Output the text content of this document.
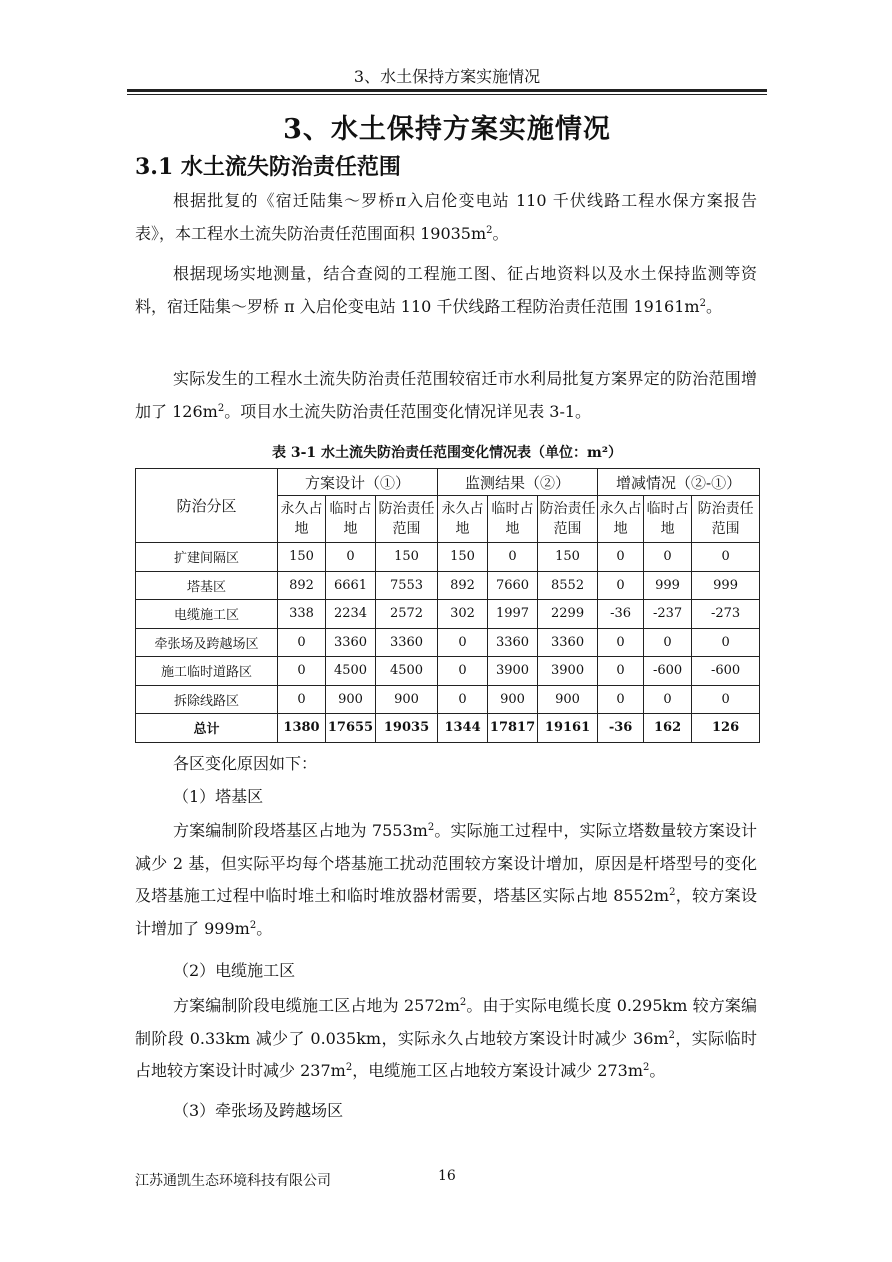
3、水土保持方案实施情况
3、水土保持方案实施情况
3.1 水土流失防治责任范围
根据批复的《宿迁陆集～罗桥π入启伦变电站 110 千伏线路工程水保方案报告表》，本工程水土流失防治责任范围面积 $19035m^2$。
根据现场实地测量，结合查阅的工程施工图、征占地资料以及水土保持监测等资料，宿迁陆集～罗桥 π 入启伦变电站 110 千伏线路工程防治责任范围 $19161m^2$。
实际发生的工程水土流失防治责任范围较宿迁市水利局批复方案界定的防治范围增加了 $126m^2$。项目水土流失防治责任范围变化情况详见表 3-1。
表 3-1 水土流失防治责任范围变化情况表（单位：m²）
防治分区	方案设计（①）			监测结果（②）			增减情况（②-①）		
	永久占地	临时占地	防治责任范围	永久占地	临时占地	防治责任范围	永久占地	临时占地	防治责任范围
扩建间隔区	150	0	150	150	0	150	0	0	0
塔基区	892	6661	7553	892	7660	8552	0	999	999
电缆施工区	338	2234	2572	302	1997	2299	-36	-237	-273
牵张场及跨越场区	0	3360	3360	0	3360	3360	0	0	0
施工临时道路区	0	4500	4500	0	3900	3900	0	-600	-600
拆除线路区	0	900	900	0	900	900	0	0	0
总计	1380	17655	19035	1344	17817	19161	-36	162	126
各区变化原因如下：
（1）塔基区
方案编制阶段塔基区占地为 $7553m^2$。实际施工过程中，实际立塔数量较方案设计减少 2 基，但实际平均每个塔基施工扰动范围较方案设计增加，原因是杆塔型号的变化及塔基施工过程中临时堆土和临时堆放器材需要，塔基区实际占地 $8552m^2$，较方案设计增加了 $999m^2$。
（2）电缆施工区
方案编制阶段电缆施工区占地为 $2572m^2$。由于实际电缆长度 0.295km 较方案编制阶段 0.33km 减少了 0.035km，实际永久占地较方案设计时减少 $36m^2$，实际临时占地较方案设计时减少 $237m^2$，电缆施工区占地较方案设计减少 $273m^2$。
（3）牵张场及跨越场区
江苏通凯生态环境科技有限公司	16
